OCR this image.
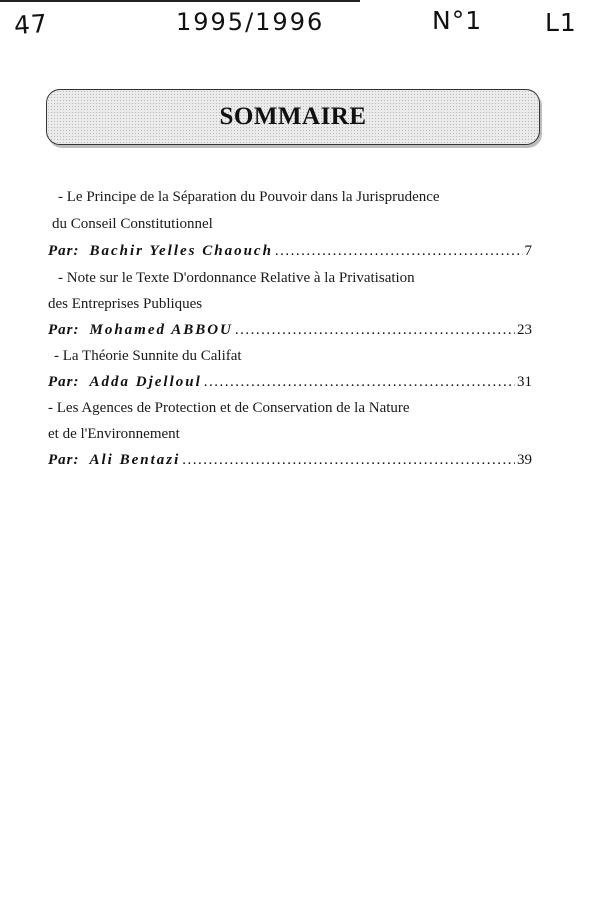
47	1995/1996	N°1	L1
SOMMAIRE
- Le Principe de la Séparation du Pouvoir dans la Jurisprudence
du Conseil Constitutionnel
Par: Bachir Yelles Chaouch .....	7
- Note sur le Texte D'ordonnance Relative à la Privatisation
des Entreprises Publiques
Par: Mohamed ABBOU .....	23
- La Théorie Sunnite du Califat
Par: Adda Djelloul .....	31
- Les Agences de Protection et de Conservation de la Nature
et de l'Environnement
Par: Ali Bentazi .....	39
